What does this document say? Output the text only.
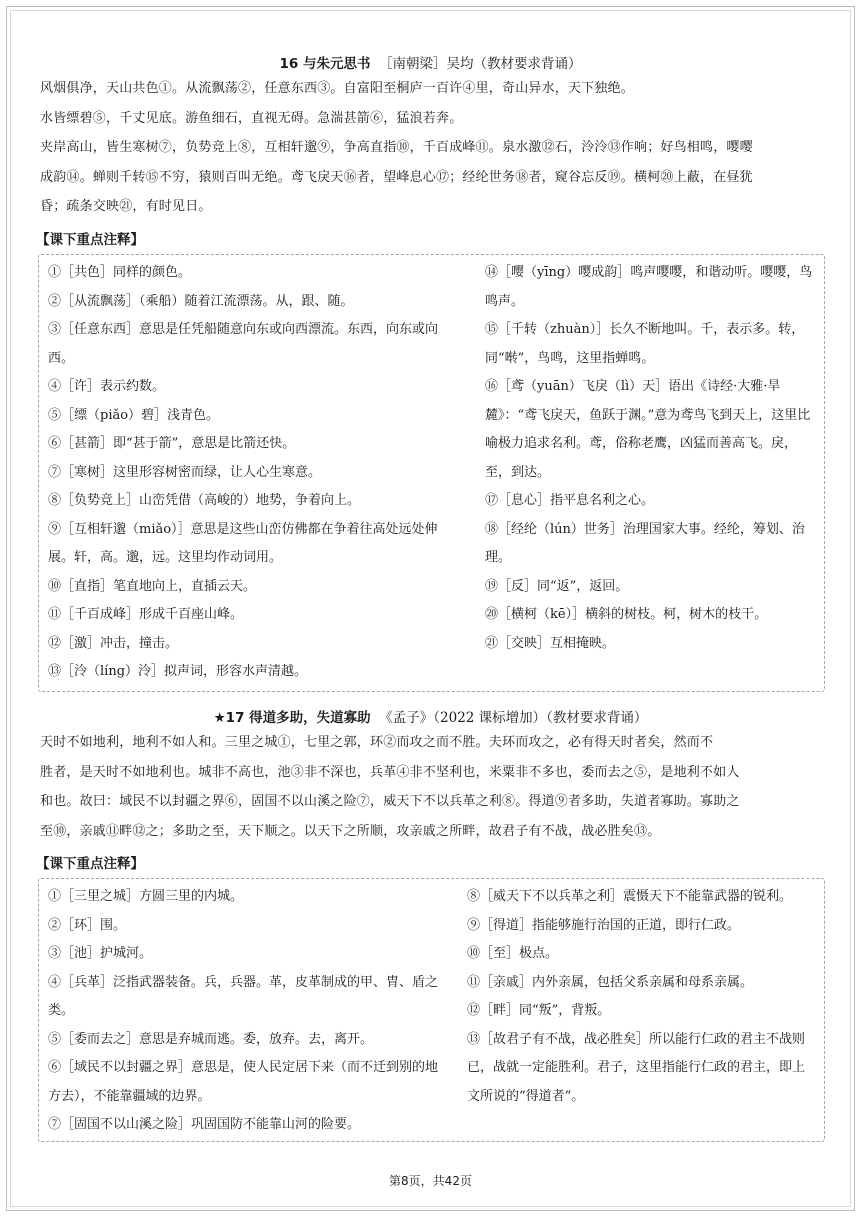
16 与朱元思书 ［南朝梁］吴均（教材要求背诵）
风烟俱净，天山共色①。从流飘荡②，任意东西③。自富阳至桐庐一百许④里，奇山异水，天下独绝。
水皆缥碧⑤，千丈见底。游鱼细石，直视无碍。急湍甚箭⑥，猛浪若奔。
夹岸高山，皆生寒树⑦，负势竞上⑧，互相轩邈⑨，争高直指⑩，千百成峰⑪。泉水激⑫石，泠泠⑬作响；好鸟相鸣，嘤嘤
成韵⑭。蝉则千转⑮不穷，猿则百叫无绝。鸢飞戾天⑯者，望峰息心⑰；经纶世务⑱者，窥谷忘反⑲。横柯⑳上蔽，在昼犹
昏；疏条交映㉑，有时见日。
【课下重点注释】
①［共色］同样的颜色。
②［从流飘荡］（乘船）随着江流漂荡。从，跟、随。
③［任意东西］意思是任凭船随意向东或向西漂流。东西，向东或向西。
④［许］表示约数。
⑤［缥（piǎo）碧］浅青色。
⑥［甚箭］即“甚于箭”，意思是比箭还快。
⑦［寒树］这里形容树密而绿，让人心生寒意。
⑧［负势竞上］山峦凭借（高峻的）地势，争着向上。
⑨［互相轩邈（miǎo）］意思是这些山峦仿佛都在争着往高处远处伸展。轩，高。邈，远。这里均作动词用。
⑩［直指］笔直地向上，直插云天。
⑪［千百成峰］形成千百座山峰。
⑫［激］冲击，撞击。
⑬［泠（líng）泠］拟声词，形容水声清越。
⑭［嘤（yīng）嘤成韵］鸣声嘤嘤，和谐动听。嘤嘤，鸟鸣声。
⑮［千转（zhuàn）］长久不断地叫。千，表示多。转，同“啭”，鸟鸣，这里指蝉鸣。
⑯［鸢（yuān）飞戾（lì）天］语出《诗经·大雅·旱麓》：“鸢飞戾天，鱼跃于渊。”意为鸢鸟飞到天上，这里比喻极力追求名利。鸢，俗称老鹰，凶猛而善高飞。戾，至，到达。
⑰［息心］指平息名利之心。
⑱［经纶（lún）世务］治理国家大事。经纶，筹划、治理。
⑲［反］同“返”，返回。
⑳［横柯（kē）］横斜的树枝。柯，树木的枝干。
㉑［交映］互相掩映。
★17 得道多助，失道寡助 《孟子》（2022 课标增加）（教材要求背诵）
天时不如地利，地利不如人和。三里之城①，七里之郭，环②而攻之而不胜。夫环而攻之，必有得天时者矣，然而不
胜者，是天时不如地利也。城非不高也，池③非不深也，兵革④非不坚利也，米粟非不多也，委而去之⑤，是地利不如人
和也。故曰：域民不以封疆之界⑥，固国不以山溪之险⑦，威天下不以兵革之利⑧。得道⑨者多助，失道者寡助。寡助之
至⑩，亲戚⑪畔⑫之；多助之至，天下顺之。以天下之所顺，攻亲戚之所畔，故君子有不战，战必胜矣⑬。
【课下重点注释】
①［三里之城］方圆三里的内城。
②［环］围。
③［池］护城河。
④［兵革］泛指武器装备。兵，兵器。革，皮革制成的甲、胄、盾之类。
⑤［委而去之］意思是弃城而逃。委，放弃。去，离开。
⑥［域民不以封疆之界］意思是，使人民定居下来（而不迁到别的地方去），不能靠疆域的边界。
⑦［固国不以山溪之险］巩固国防不能靠山河的险要。
⑧［威天下不以兵革之利］震慑天下不能靠武器的锐利。
⑨［得道］指能够施行治国的正道，即行仁政。
⑩［至］极点。
⑪［亲戚］内外亲属，包括父系亲属和母系亲属。
⑫［畔］同“叛”，背叛。
⑬［故君子有不战，战必胜矣］所以能行仁政的君主不战则已，战就一定能胜利。君子，这里指能行仁政的君主，即上文所说的“得道者”。
第8页，共42页
